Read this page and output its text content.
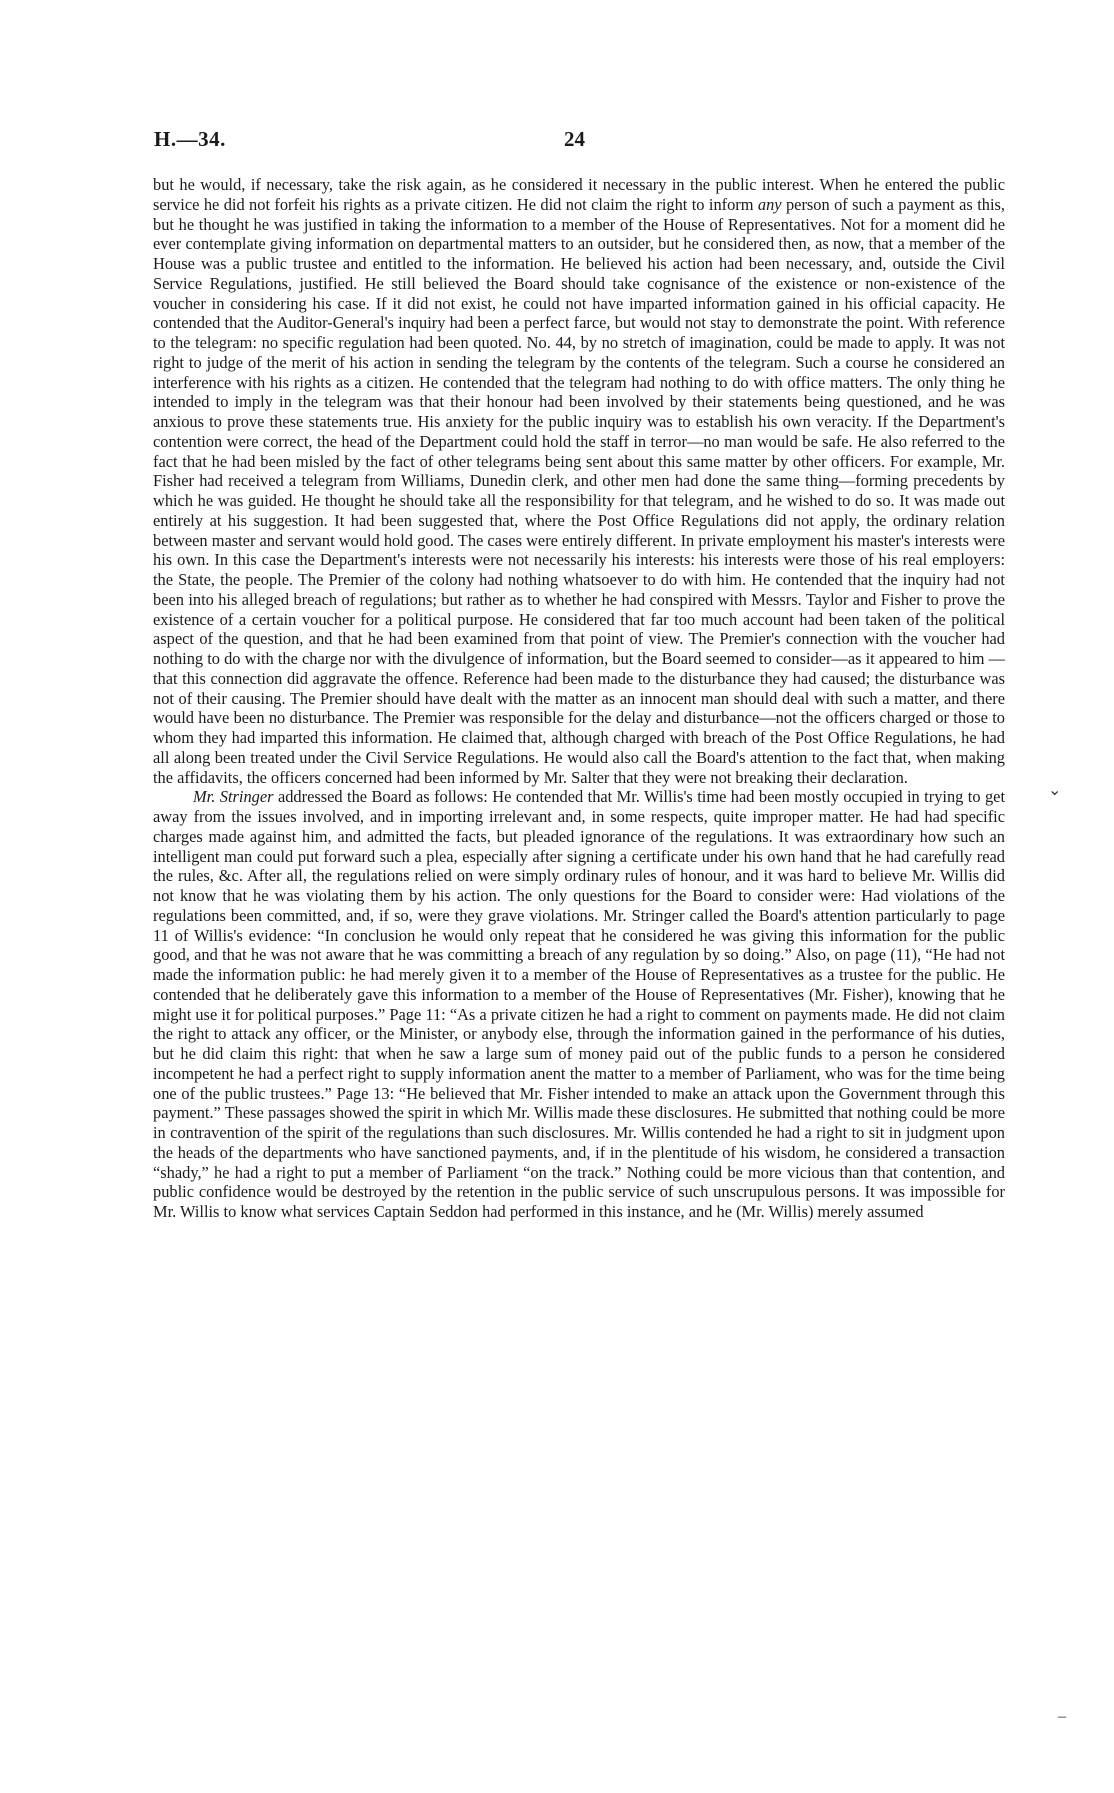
H.—34.	24

but he would, if necessary, take the risk again, as he considered it necessary in the public interest. When he entered the public service he did not forfeit his rights as a private citizen. He did not claim the right to inform any person of such a payment as this, but he thought he was justified in taking the information to a member of the House of Representatives. Not for a moment did he ever contemplate giving information on departmental matters to an outsider, but he considered then, as now, that a member of the House was a public trustee and entitled to the information. He believed his action had been necessary, and, outside the Civil Service Regulations, justified. He still believed the Board should take cognisance of the existence or non-existence of the voucher in considering his case. If it did not exist, he could not have imparted information gained in his official capacity. He contended that the Auditor-General's inquiry had been a perfect farce, but would not stay to demonstrate the point. With reference to the telegram: no specific regulation had been quoted. No. 44, by no stretch of imagination, could be made to apply. It was not right to judge of the merit of his action in sending the telegram by the contents of the telegram. Such a course he considered an interference with his rights as a citizen. He contended that the telegram had nothing to do with office matters. The only thing he intended to imply in the telegram was that their honour had been involved by their statements being questioned, and he was anxious to prove these statements true. His anxiety for the public inquiry was to establish his own veracity. If the Department's contention were correct, the head of the Department could hold the staff in terror—no man would be safe. He also referred to the fact that he had been misled by the fact of other telegrams being sent about this same matter by other officers. For example, Mr. Fisher had received a telegram from Williams, Dunedin clerk, and other men had done the same thing—forming precedents by which he was guided. He thought he should take all the responsibility for that telegram, and he wished to do so. It was made out entirely at his suggestion. It had been suggested that, where the Post Office Regulations did not apply, the ordinary relation between master and servant would hold good. The cases were entirely different. In private employment his master's interests were his own. In this case the Department's interests were not necessarily his interests: his interests were those of his real employers: the State, the people. The Premier of the colony had nothing whatsoever to do with him. He contended that the inquiry had not been into his alleged breach of regulations; but rather as to whether he had conspired with Messrs. Taylor and Fisher to prove the existence of a certain voucher for a political purpose. He considered that far too much account had been taken of the political aspect of the question, and that he had been examined from that point of view. The Premier's connection with the voucher had nothing to do with the charge nor with the divulgence of information, but the Board seemed to consider—as it appeared to him — that this connection did aggravate the offence. Reference had been made to the disturbance they had caused; the disturbance was not of their causing. The Premier should have dealt with the matter as an innocent man should deal with such a matter, and there would have been no disturbance. The Premier was responsible for the delay and disturbance—not the officers charged or those to whom they had imparted this information. He claimed that, although charged with breach of the Post Office Regulations, he had all along been treated under the Civil Service Regulations. He would also call the Board's attention to the fact that, when making the affidavits, the officers concerned had been informed by Mr. Salter that they were not breaking their declaration.

Mr. Stringer addressed the Board as follows: He contended that Mr. Willis's time had been mostly occupied in trying to get away from the issues involved, and in importing irrelevant and, in some respects, quite improper matter. He had had specific charges made against him, and admitted the facts, but pleaded ignorance of the regulations. It was extraordinary how such an intelligent man could put forward such a plea, especially after signing a certificate under his own hand that he had carefully read the rules, &c. After all, the regulations relied on were simply ordinary rules of honour, and it was hard to believe Mr. Willis did not know that he was violating them by his action. The only questions for the Board to consider were: Had violations of the regulations been committed, and, if so, were they grave violations. Mr. Stringer called the Board's attention particularly to page 11 of Willis's evidence: “In conclusion he would only repeat that he considered he was giving this information for the public good, and that he was not aware that he was committing a breach of any regulation by so doing.” Also, on page (11), “He had not made the information public: he had merely given it to a member of the House of Representatives as a trustee for the public. He contended that he deliberately gave this information to a member of the House of Representatives (Mr. Fisher), knowing that he might use it for political purposes.” Page 11: “As a private citizen he had a right to comment on payments made. He did not claim the right to attack any officer, or the Minister, or anybody else, through the information gained in the performance of his duties, but he did claim this right: that when he saw a large sum of money paid out of the public funds to a person he considered incompetent he had a perfect right to supply information anent the matter to a member of Parliament, who was for the time being one of the public trustees.” Page 13: “He believed that Mr. Fisher intended to make an attack upon the Government through this payment.” These passages showed the spirit in which Mr. Willis made these disclosures. He submitted that nothing could be more in contravention of the spirit of the regulations than such disclosures. Mr. Willis contended he had a right to sit in judgment upon the heads of the departments who have sanctioned payments, and, if in the plentitude of his wisdom, he considered a transaction “shady,” he had a right to put a member of Parliament “on the track.” Nothing could be more vicious than that contention, and public confidence would be destroyed by the retention in the public service of such unscrupulous persons. It was impossible for Mr. Willis to know what services Captain Seddon had performed in this instance, and he (Mr. Willis) merely assumed

⌄
‒
